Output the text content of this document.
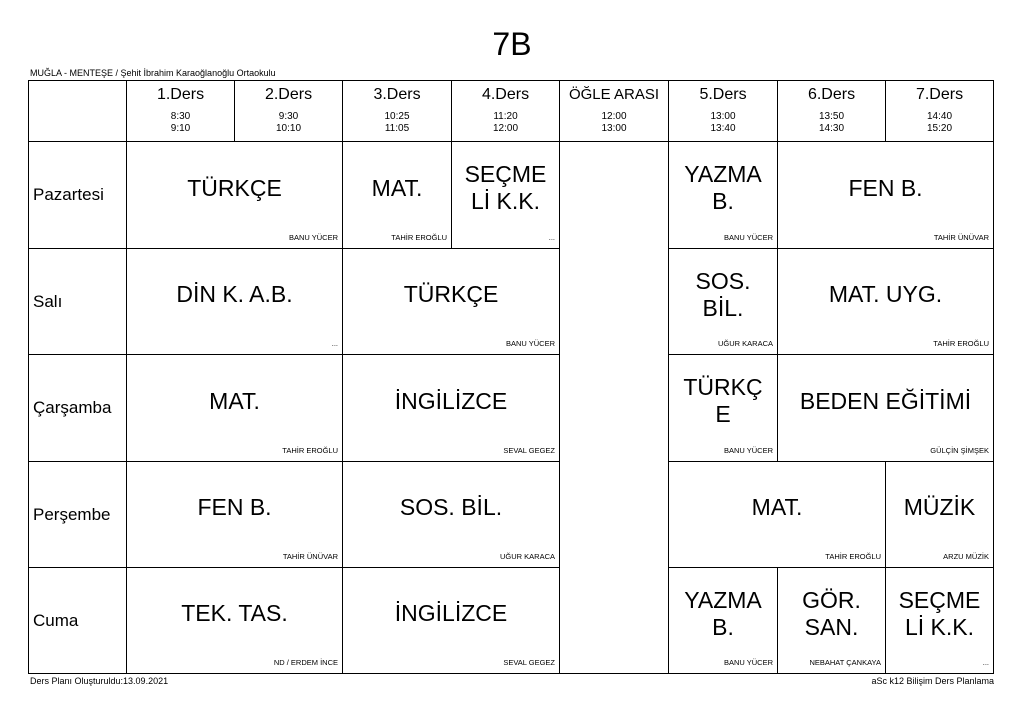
7B
MUĞLA - MENTEŞE / Şehit İbrahim Karaoğlanoğlu Ortaokulu
1.Ders
8:30
9:10
2.Ders
9:30
10:10
3.Ders
10:25
11:05
4.Ders
11:20
12:00
ÖĞLE ARASI
12:00
13:00
5.Ders
13:00
13:40
6.Ders
13:50
14:30
7.Ders
14:40
15:20
Pazartesi
Salı
Çarşamba
Perşembe
Cuma
TÜRKÇE
BANU YÜCER
MAT.
TAHİR EROĞLU
SEÇME
Lİ K.K.
...
YAZMA
B.
BANU YÜCER
FEN B.
TAHİR ÜNÜVAR
DİN K. A.B.
...
TÜRKÇE
BANU YÜCER
SOS.
BİL.
UĞUR KARACA
MAT. UYG.
TAHİR EROĞLU
MAT.
TAHİR EROĞLU
İNGİLİZCE
SEVAL GEGEZ
TÜRKÇ
E
BANU YÜCER
BEDEN EĞİTİMİ
GÜLÇİN ŞİMŞEK
FEN B.
TAHİR ÜNÜVAR
SOS. BİL.
UĞUR KARACA
MAT.
TAHİR EROĞLU
MÜZİK
ARZU MÜZİK
TEK. TAS.
ND / ERDEM İNCE
İNGİLİZCE
SEVAL GEGEZ
YAZMA
B.
BANU YÜCER
GÖR.
SAN.
NEBAHAT ÇANKAYA
SEÇME
Lİ K.K.
...
Ders Planı Oluşturuldu:13.09.2021	aSc k12 Bilişim Ders Planlama
